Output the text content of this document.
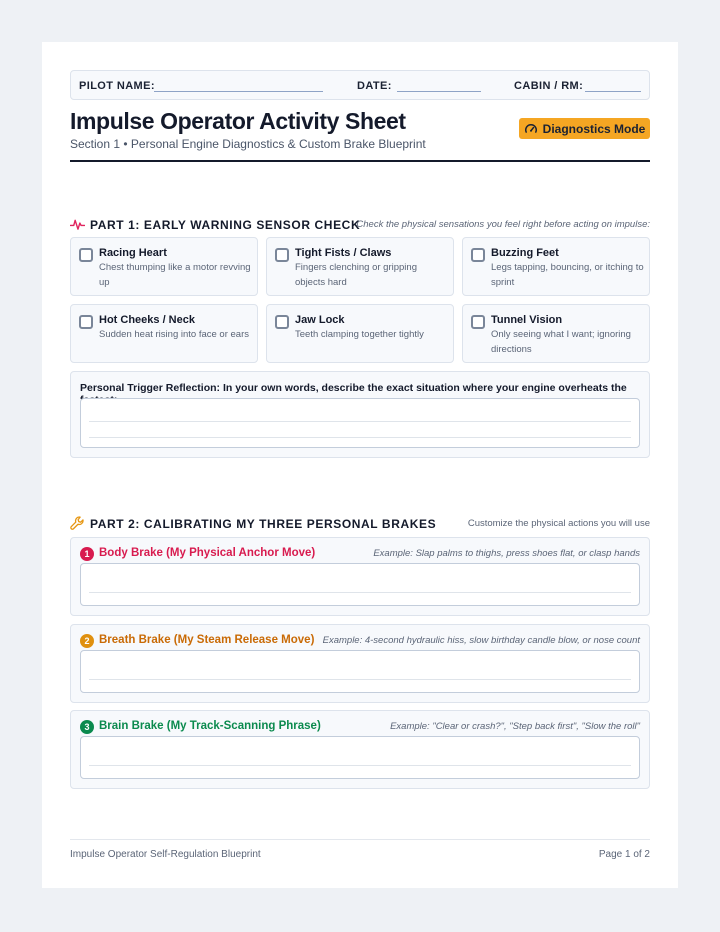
PILOT NAME:	DATE:	CABIN / RM:
Impulse Operator Activity Sheet
Section 1 • Personal Engine Diagnostics & Custom Brake Blueprint
Diagnostics Mode
PART 1: EARLY WARNING SENSOR CHECK
Check the physical sensations you feel right before acting on impulse:
Racing Heart
Chest thumping like a motor revving up
Tight Fists / Claws
Fingers clenching or gripping objects hard
Buzzing Feet
Legs tapping, bouncing, or itching to sprint
Hot Cheeks / Neck
Sudden heat rising into face or ears
Jaw Lock
Teeth clamping together tightly
Tunnel Vision
Only seeing what I want; ignoring directions
Personal Trigger Reflection: In your own words, describe the exact situation where your engine overheats the
PART 2: CALIBRATING MY THREE PERSONAL BRAKES	Customize the physical actions you will use
1 Body Brake (My Physical Anchor Move)	Example: Slap palms to thighs, press shoes flat, or clasp hands
2 Breath Brake (My Steam Release Move) Example: 4-second hydraulic hiss, slow birthday candle blow, or nose count
3 Brain Brake (My Track-Scanning Phrase)	Example: "Clear or crash?", "Step back first", "Slow the roll"
Impulse Operator Self-Regulation Blueprint	Page 1 of 2
